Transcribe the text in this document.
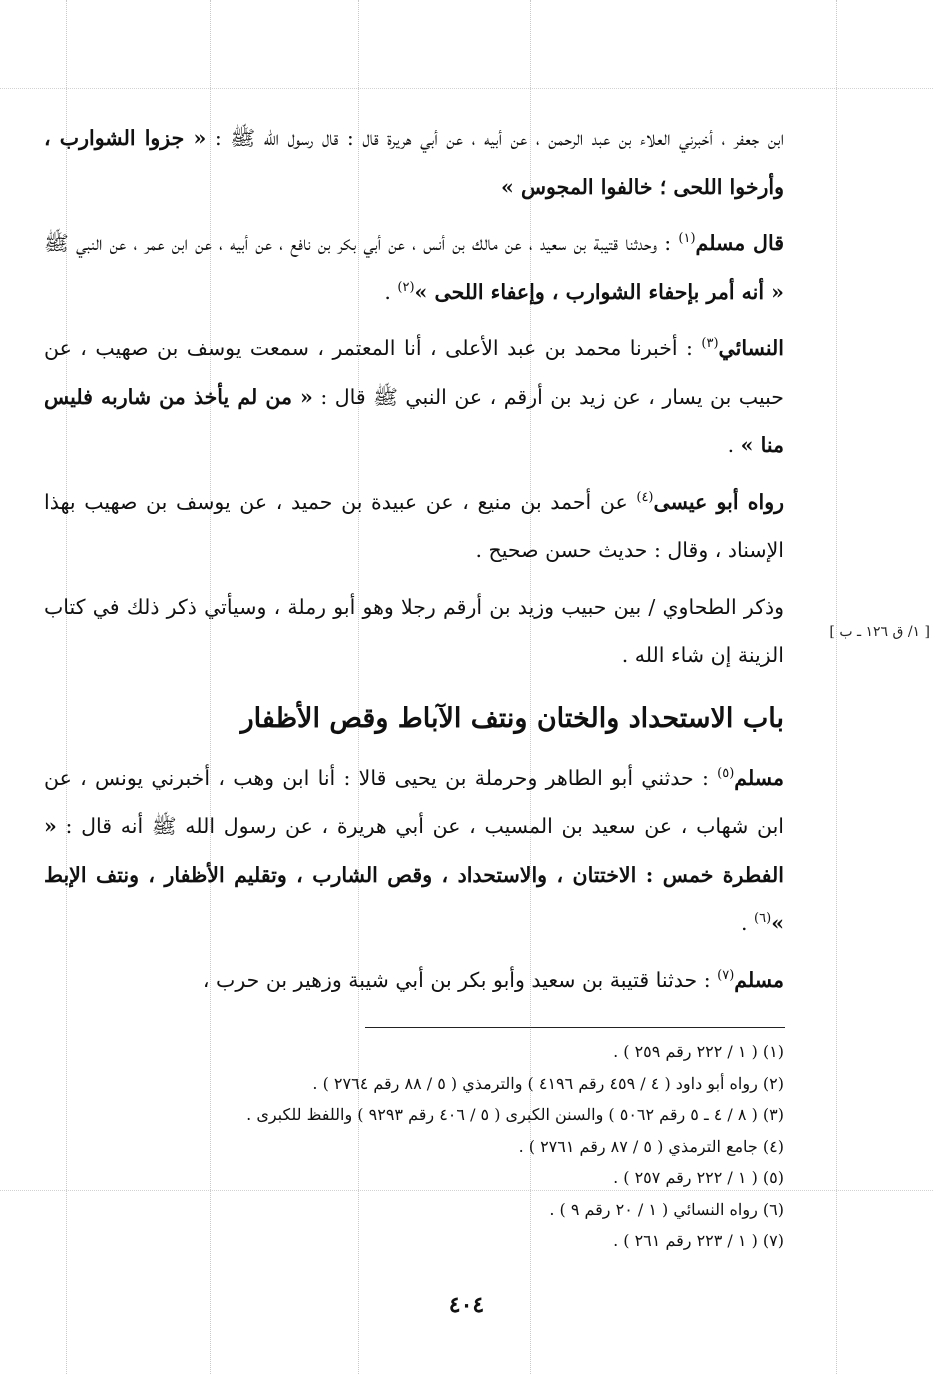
ابن جعفر ، أخبرني العلاء بن عبد الرحمن ، عن أبيه ، عن أبي هريرة قال : قال رسول الله ﷺ : « جزوا الشوارب ، وأرخوا اللحى ؛ خالفوا المجوس »

قال مسلم$^{(١)}$ : وحدثنا قتيبة بن سعيد ، عن مالك بن أنس ، عن أبي بكر بن نافع ، عن أبيه ، عن ابن عمر ، عن النبي ﷺ « أنه أمر بإحفاء الشوارب ، وإعفاء اللحى »$^{(٢)}$ .

النسائي$^{(٣)}$ : أخبرنا محمد بن عبد الأعلى ، أنا المعتمر ، سمعت يوسف بن صهيب ، عن حبيب بن يسار ، عن زيد بن أرقم ، عن النبي ﷺ قال : « من لم يأخذ من شاربه فليس منا » .

رواه أبو عيسى$^{(٤)}$ عن أحمد بن منيع ، عن عبيدة بن حميد ، عن يوسف بن صهيب بهذا الإسناد ، وقال : حديث حسن صحيح .

وذكر الطحاوي / بين حبيب وزيد بن أرقم رجلا وهو أبو رملة ، وسيأتي ذكر ذلك في كتاب الزينة إن شاء الله .

باب الاستحداد والختان ونتف الآباط وقص الأظفار

مسلم$^{(٥)}$ : حدثني أبو الطاهر وحرملة بن يحيى قالا : أنا ابن وهب ، أخبرني يونس ، عن ابن شهاب ، عن سعيد بن المسيب ، عن أبي هريرة ، عن رسول الله ﷺ أنه قال : « الفطرة خمس : الاختتان ، والاستحداد ، وقص الشارب ، وتقليم الأظفار ، ونتف الإبط »$^{(٦)}$ .

مسلم$^{(٧)}$ : حدثنا قتيبة بن سعيد وأبو بكر بن أبي شيبة وزهير بن حرب ،

[ ١/ ق ١٢٦ ـ ب ]

(١) ( ١ / ٢٢٢ رقم ٢٥٩ ) .

(٢) رواه أبو داود ( ٤ / ٤٥٩ رقم ٤١٩٦ ) والترمذي ( ٥ / ٨٨ رقم ٢٧٦٤ ) .

(٣) ( ٨ / ٤ ـ ٥ رقم ٥٠٦٢ ) والسنن الكبرى ( ٥ / ٤٠٦ رقم ٩٢٩٣ ) واللفظ للكبرى .

(٤) جامع الترمذي ( ٥ / ٨٧ رقم ٢٧٦١ ) .

(٥) ( ١ / ٢٢٢ رقم ٢٥٧ ) .

(٦) رواه النسائي ( ١ / ٢٠ رقم ٩ ) .

(٧) ( ١ / ٢٢٣ رقم ٢٦١ ) .

٤٠٤
